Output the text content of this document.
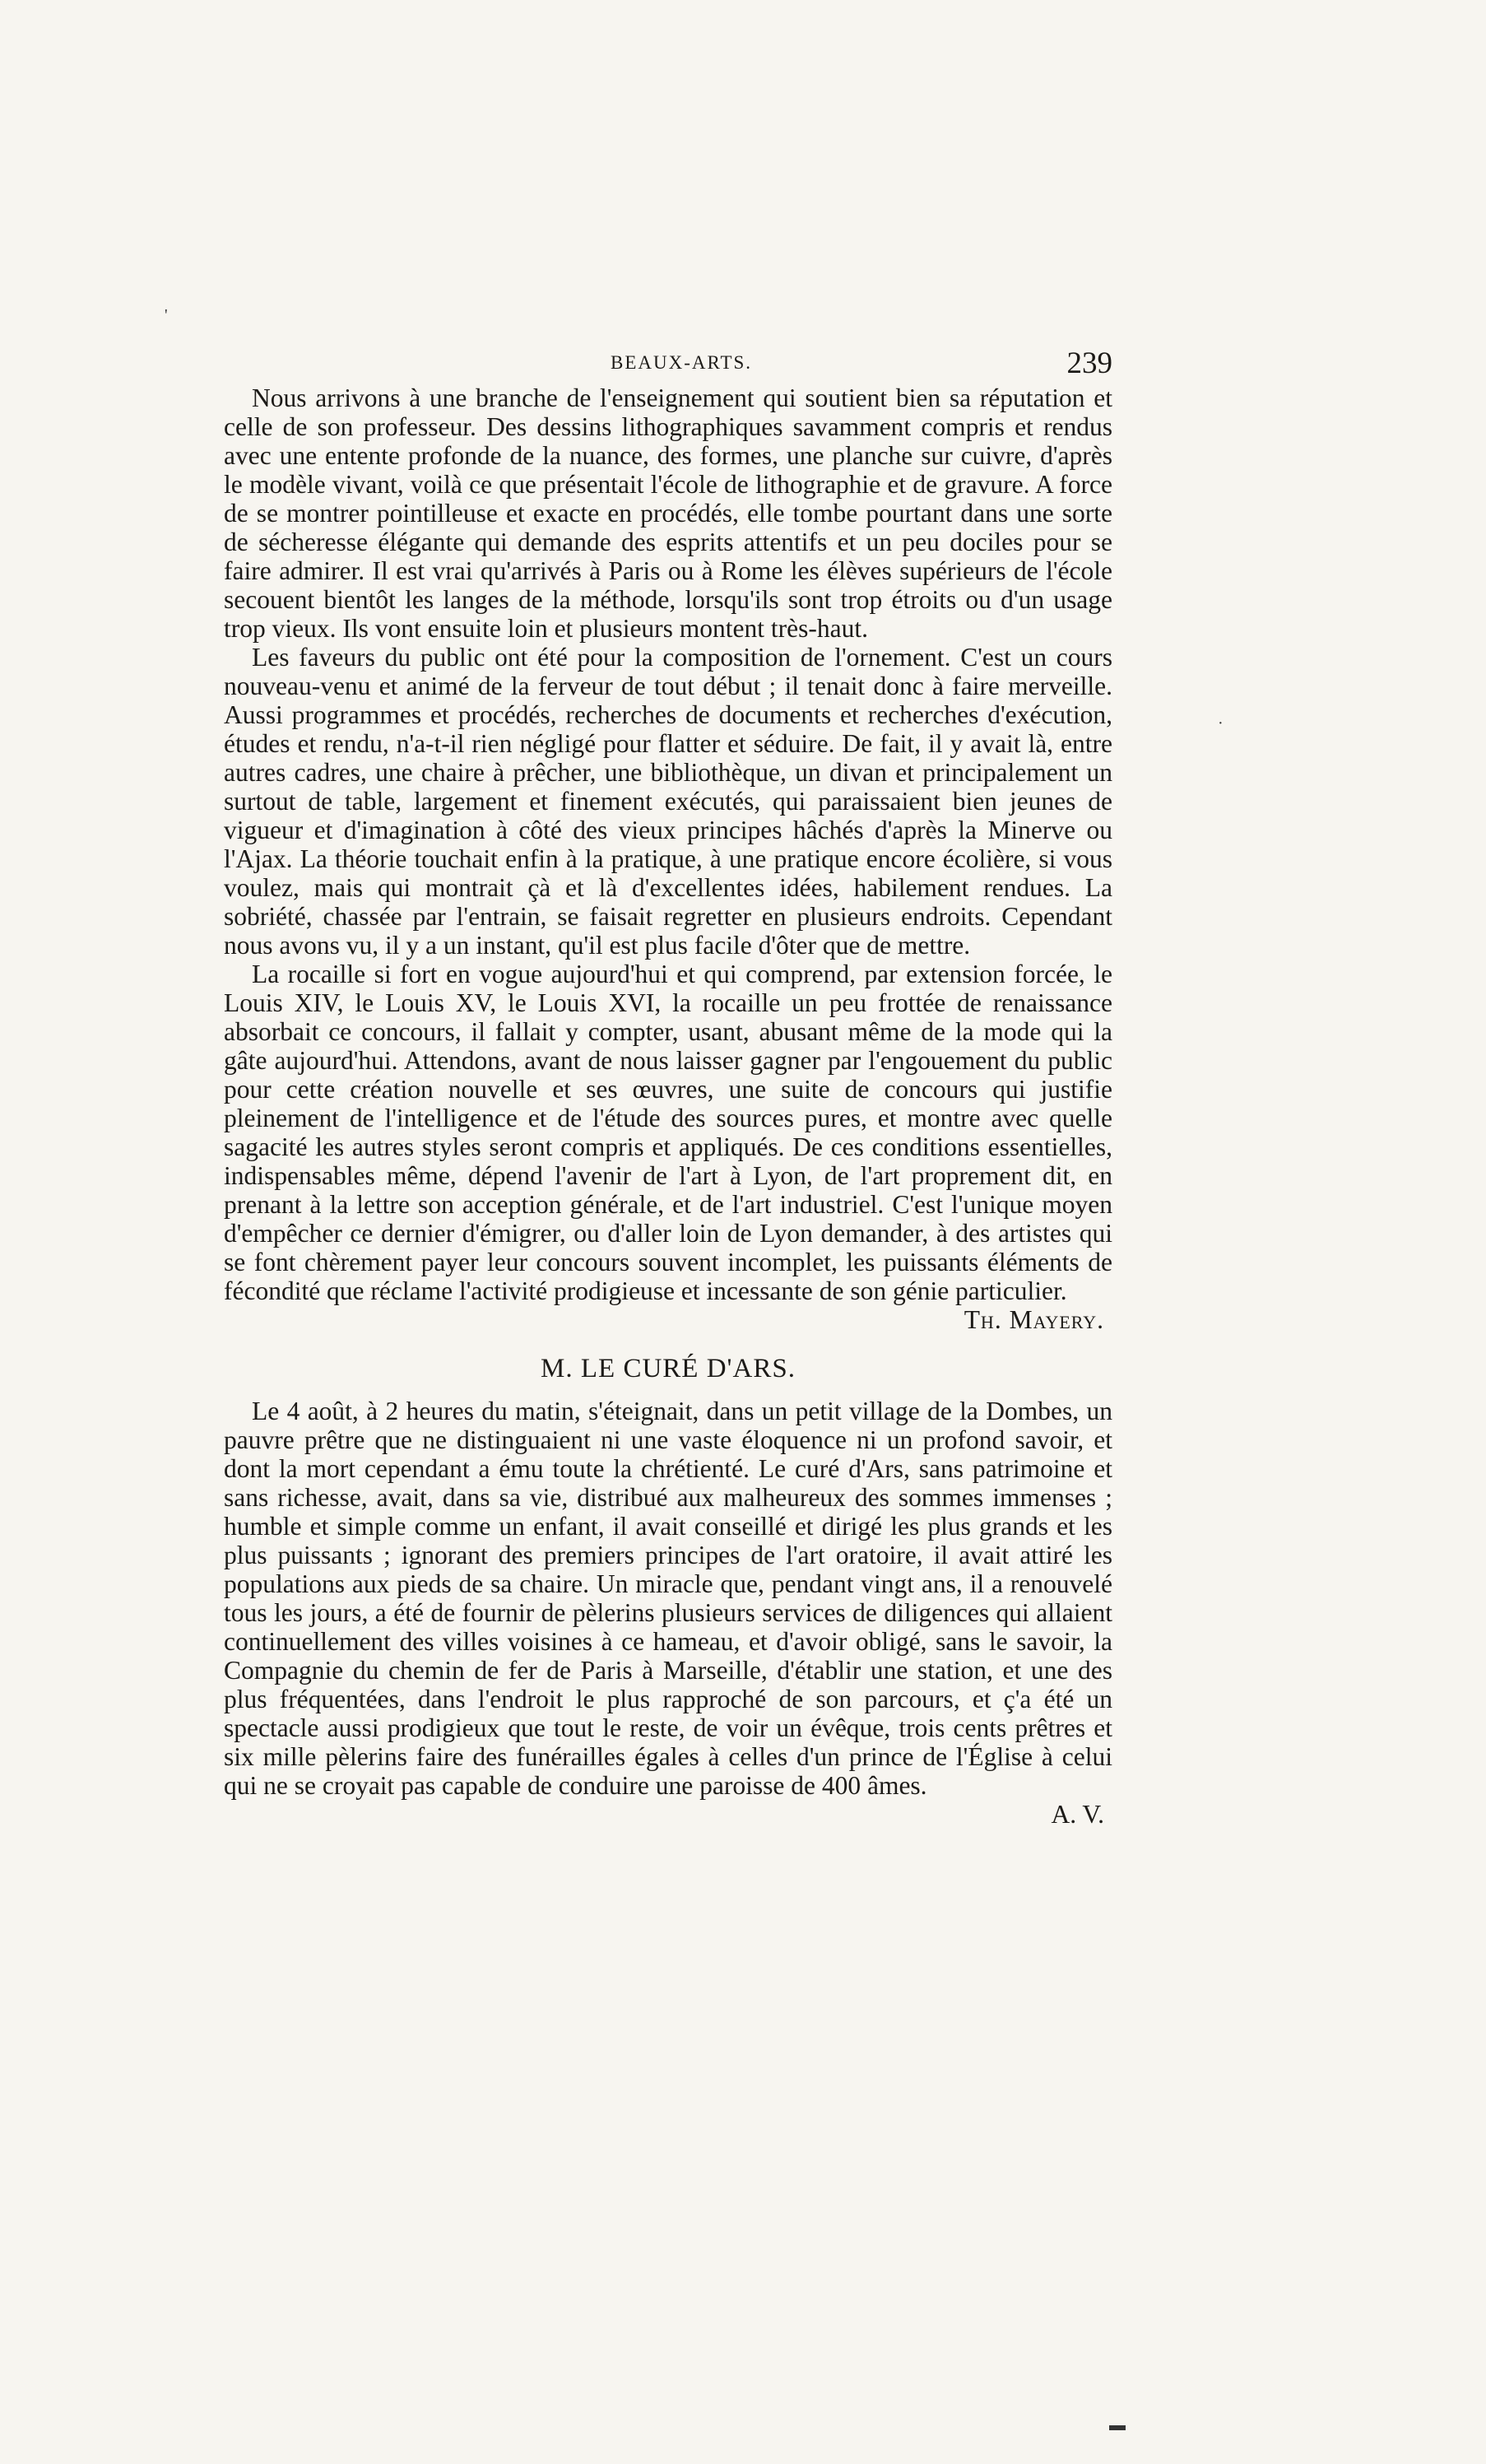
BEAUX-ARTS.	239

Nous arrivons à une branche de l'enseignement qui soutient bien sa réputation et celle de son professeur. Des dessins lithographiques savamment compris et rendus avec une entente profonde de la nuance, des formes, une planche sur cuivre, d'après le modèle vivant, voilà ce que présentait l'école de lithographie et de gravure. A force de se montrer pointilleuse et exacte en procédés, elle tombe pourtant dans une sorte de sécheresse élégante qui demande des esprits attentifs et un peu dociles pour se faire admirer. Il est vrai qu'arrivés à Paris ou à Rome les élèves supérieurs de l'école secouent bientôt les langes de la méthode, lorsqu'ils sont trop étroits ou d'un usage trop vieux. Ils vont ensuite loin et plusieurs montent très-haut.

Les faveurs du public ont été pour la composition de l'ornement. C'est un cours nouveau-venu et animé de la ferveur de tout début ; il tenait donc à faire merveille. Aussi programmes et procédés, recherches de documents et recherches d'exécution, études et rendu, n'a-t-il rien négligé pour flatter et séduire. De fait, il y avait là, entre autres cadres, une chaire à prêcher, une bibliothèque, un divan et principalement un surtout de table, largement et finement exécutés, qui paraissaient bien jeunes de vigueur et d'imagination à côté des vieux principes hâchés d'après la Minerve ou l'Ajax. La théorie touchait enfin à la pratique, à une pratique encore écolière, si vous voulez, mais qui montrait çà et là d'excellentes idées, habilement rendues. La sobriété, chassée par l'entrain, se faisait regretter en plusieurs endroits. Cependant nous avons vu, il y a un instant, qu'il est plus facile d'ôter que de mettre.

La rocaille si fort en vogue aujourd'hui et qui comprend, par extension forcée, le Louis XIV, le Louis XV, le Louis XVI, la rocaille un peu frottée de renaissance absorbait ce concours, il fallait y compter, usant, abusant même de la mode qui la gâte aujourd'hui. Attendons, avant de nous laisser gagner par l'engouement du public pour cette création nouvelle et ses œuvres, une suite de concours qui justifie pleinement de l'intelligence et de l'étude des sources pures, et montre avec quelle sagacité les autres styles seront compris et appliqués. De ces conditions essentielles, indispensables même, dépend l'avenir de l'art à Lyon, de l'art proprement dit, en prenant à la lettre son acception générale, et de l'art industriel. C'est l'unique moyen d'empêcher ce dernier d'émigrer, ou d'aller loin de Lyon demander, à des artistes qui se font chèrement payer leur concours souvent incomplet, les puissants éléments de fécondité que réclame l'activité prodigieuse et incessante de son génie particulier.

Th. Mayery.

M. LE CURÉ D'ARS.

Le 4 août, à 2 heures du matin, s'éteignait, dans un petit village de la Dombes, un pauvre prêtre que ne distinguaient ni une vaste éloquence ni un profond savoir, et dont la mort cependant a ému toute la chrétienté. Le curé d'Ars, sans patrimoine et sans richesse, avait, dans sa vie, distribué aux malheureux des sommes immenses ; humble et simple comme un enfant, il avait conseillé et dirigé les plus grands et les plus puissants ; ignorant des premiers principes de l'art oratoire, il avait attiré les populations aux pieds de sa chaire. Un miracle que, pendant vingt ans, il a renouvelé tous les jours, a été de fournir de pèlerins plusieurs services de diligences qui allaient continuellement des villes voisines à ce hameau, et d'avoir obligé, sans le savoir, la Compagnie du chemin de fer de Paris à Marseille, d'établir une station, et une des plus fréquentées, dans l'endroit le plus rapproché de son parcours, et ç'a été un spectacle aussi prodigieux que tout le reste, de voir un évêque, trois cents prêtres et six mille pèlerins faire des funérailles égales à celles d'un prince de l'Église à celui qui ne se croyait pas capable de conduire une paroisse de 400 âmes.

A. V.

'
·
▬
